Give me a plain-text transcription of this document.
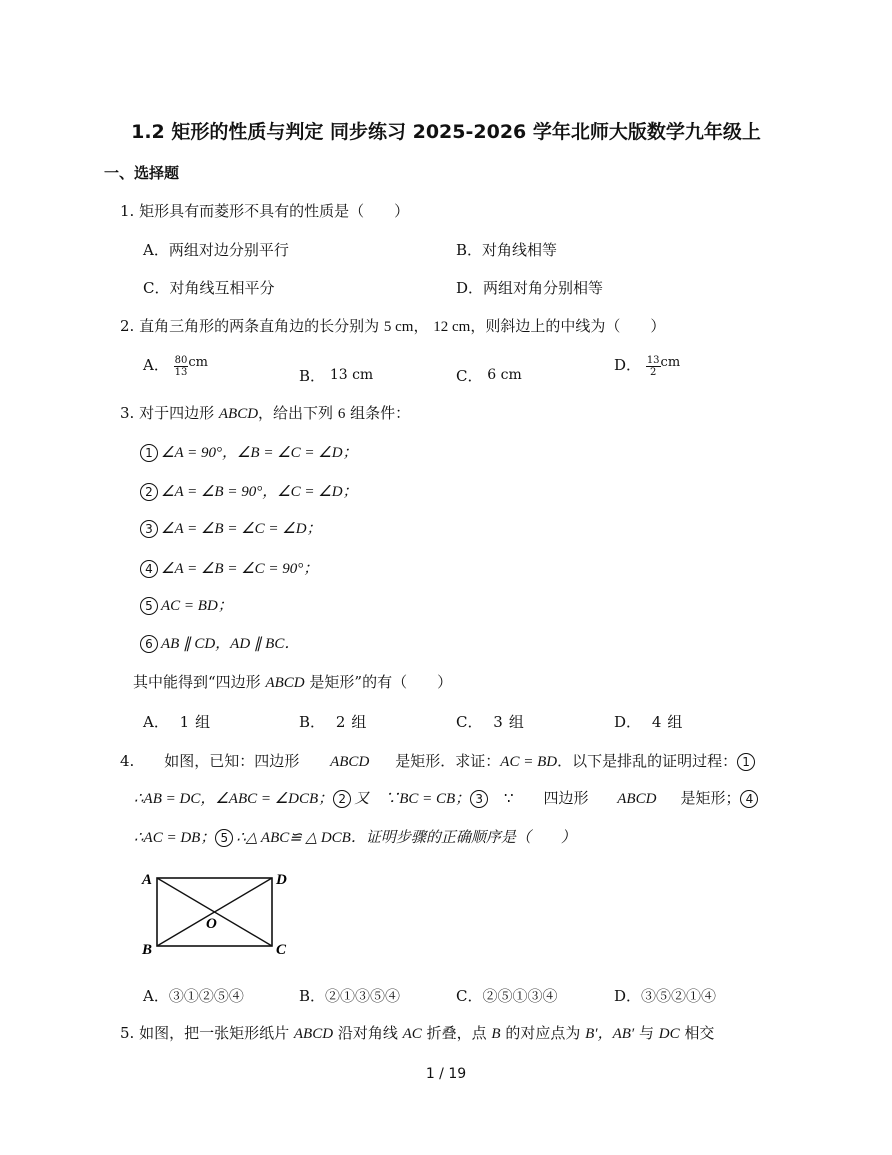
1.2 矩形的性质与判定 同步练习 2025-2026 学年北师大版数学九年级上
一、选择题
1. 矩形具有而菱形不具有的性质是（　　）
A．两组对边分别平行	B．对角线相等
C．对角线互相平分	D．两组对角分别相等
2. 直角三角形的两条直角边的长分别为 5 cm， 12 cm，则斜边上的中线为（　　）
A． $\frac{80}{13}$ cm
B． 13 cm	C． 6 cm
D． $\frac{13}{2}$ cm
3. 对于四边形 ABCD，给出下列 6 组条件：
1 ∠A = 90°，∠B = ∠C = ∠D；
2 ∠A = ∠B = 90°，∠C = ∠D；
3 ∠A = ∠B = ∠C = ∠D；
4 ∠A = ∠B = ∠C = 90°；
5 AC = BD；
6 AB ∥ CD，AD ∥ BC．
其中能得到“四边形 ABCD 是矩形”的有（　　）
A． 1 组	B． 2 组	C． 3 组	D． 4 组
4.　　如图，已知：四边形 ABCD 是矩形．求证：AC = BD．以下是排乱的证明过程： 1
∴AB = DC，∠ABC = ∠DCB； 2 又　∵BC = CB； 3 ∵　　四边形 ABCD 是矩形； 4
∴AC = DB； 5 ∴△ ABC≌ △ DCB．证明步骤的正确顺序是（　　）
A	D
B	C
O
A．③①②⑤④	B．②①③⑤④	C．②⑤①③④	D．③⑤②①④
5. 如图，把一张矩形纸片 ABCD 沿对角线 AC 折叠，点 B 的对应点为 B′，AB′ 与 DC 相交
1 / 19
